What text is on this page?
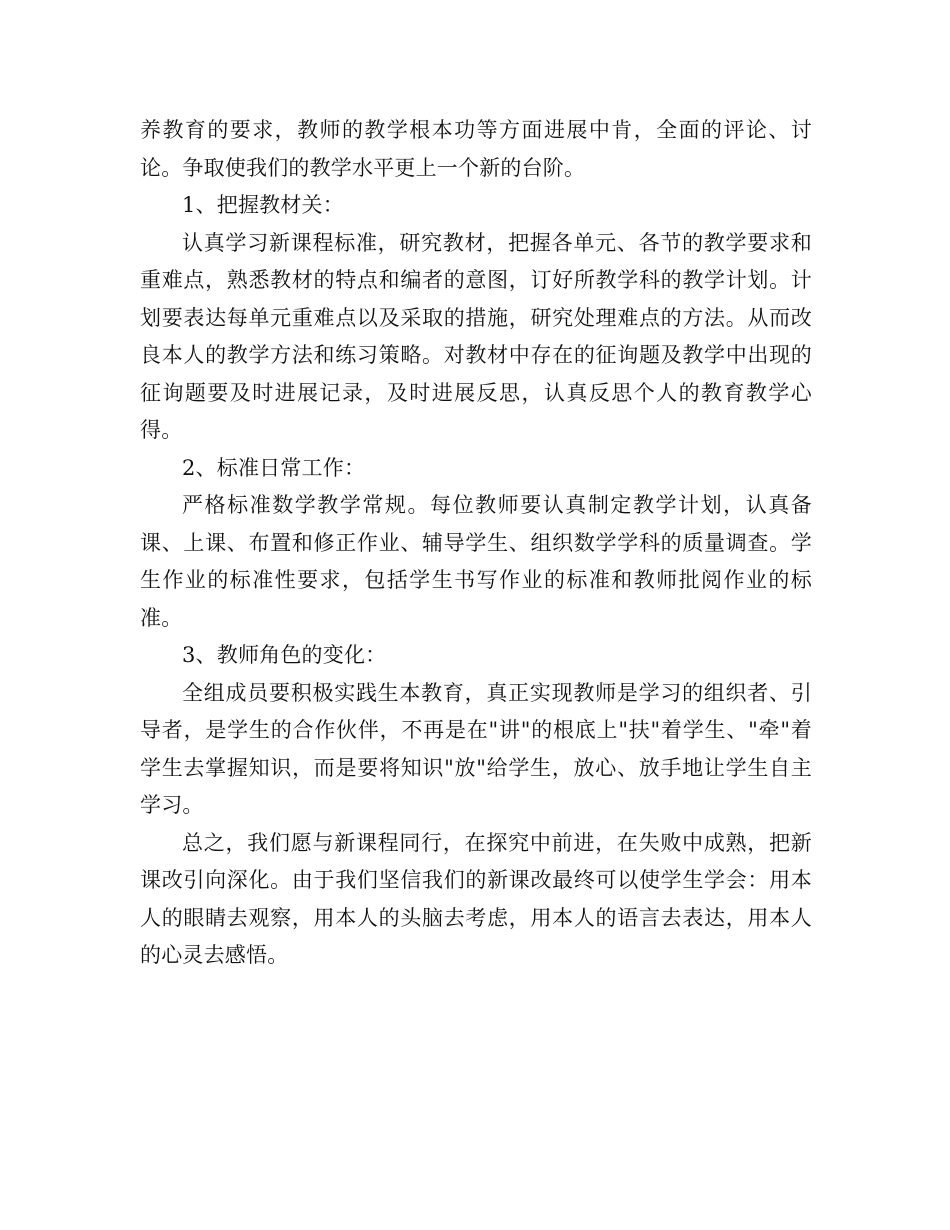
养教育的要求，教师的教学根本功等方面进展中肯，全面的评论、讨论。争取使我们的教学水平更上一个新的台阶。

1、把握教材关：

认真学习新课程标准，研究教材，把握各单元、各节的教学要求和重难点，熟悉教材的特点和编者的意图，订好所教学科的教学计划。计划要表达每单元重难点以及采取的措施，研究处理难点的方法。从而改良本人的教学方法和练习策略。对教材中存在的征询题及教学中出现的征询题要及时进展记录，及时进展反思，认真反思个人的教育教学心得。

2、标准日常工作：

严格标准数学教学常规。每位教师要认真制定教学计划，认真备课、上课、布置和修正作业、辅导学生、组织数学学科的质量调查。学生作业的标准性要求，包括学生书写作业的标准和教师批阅作业的标准。

3、教师角色的变化：

全组成员要积极实践生本教育，真正实现教师是学习的组织者、引导者，是学生的合作伙伴，不再是在"讲"的根底上"扶"着学生、"牵"着学生去掌握知识，而是要将知识"放"给学生，放心、放手地让学生自主学习。

总之，我们愿与新课程同行，在探究中前进，在失败中成熟，把新课改引向深化。由于我们坚信我们的新课改最终可以使学生学会：用本人的眼睛去观察，用本人的头脑去考虑，用本人的语言去表达，用本人的心灵去感悟。
